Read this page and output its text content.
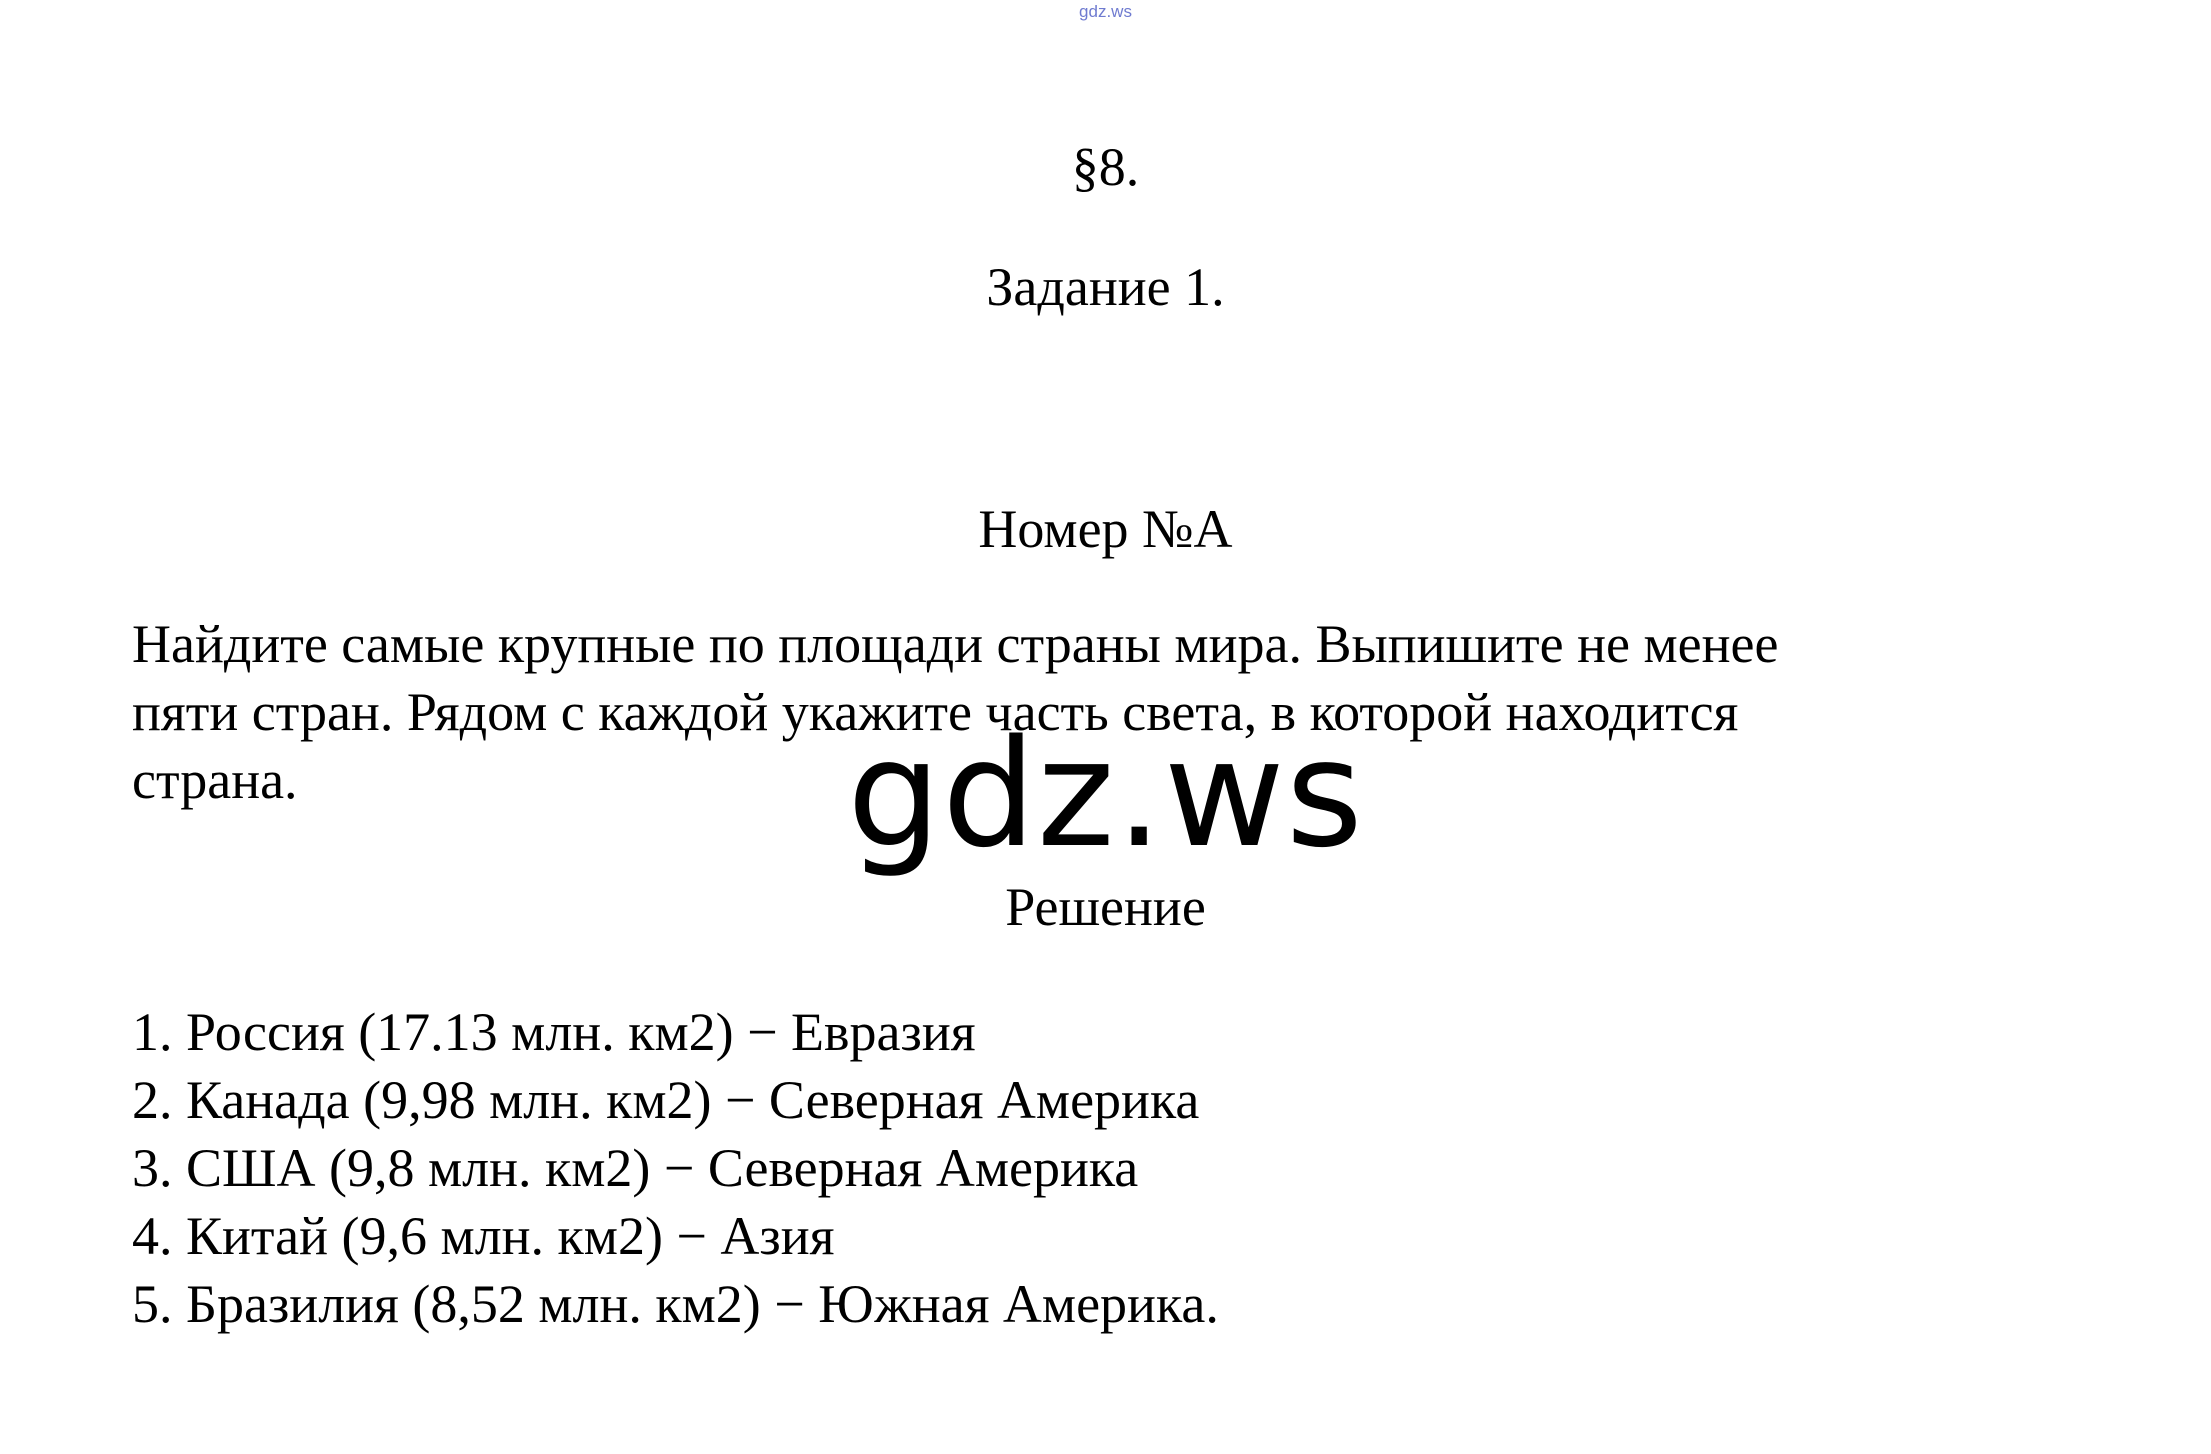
gdz.ws
§8.
Задание 1.
Номер №А
Найдите самые крупные по площади страны мира. Выпишите не менее
пяти стран. Рядом с каждой укажите часть света, в которой находится
страна.	gdz.ws
Решение
1. Россия (17.13 млн. км2) − Евразия
2. Канада (9,98 млн. км2) − Северная Америка
3. США (9,8 млн. км2) − Северная Америка
4. Китай (9,6 млн. км2) − Азия
5. Бразилия (8,52 млн. км2) − Южная Америка.
